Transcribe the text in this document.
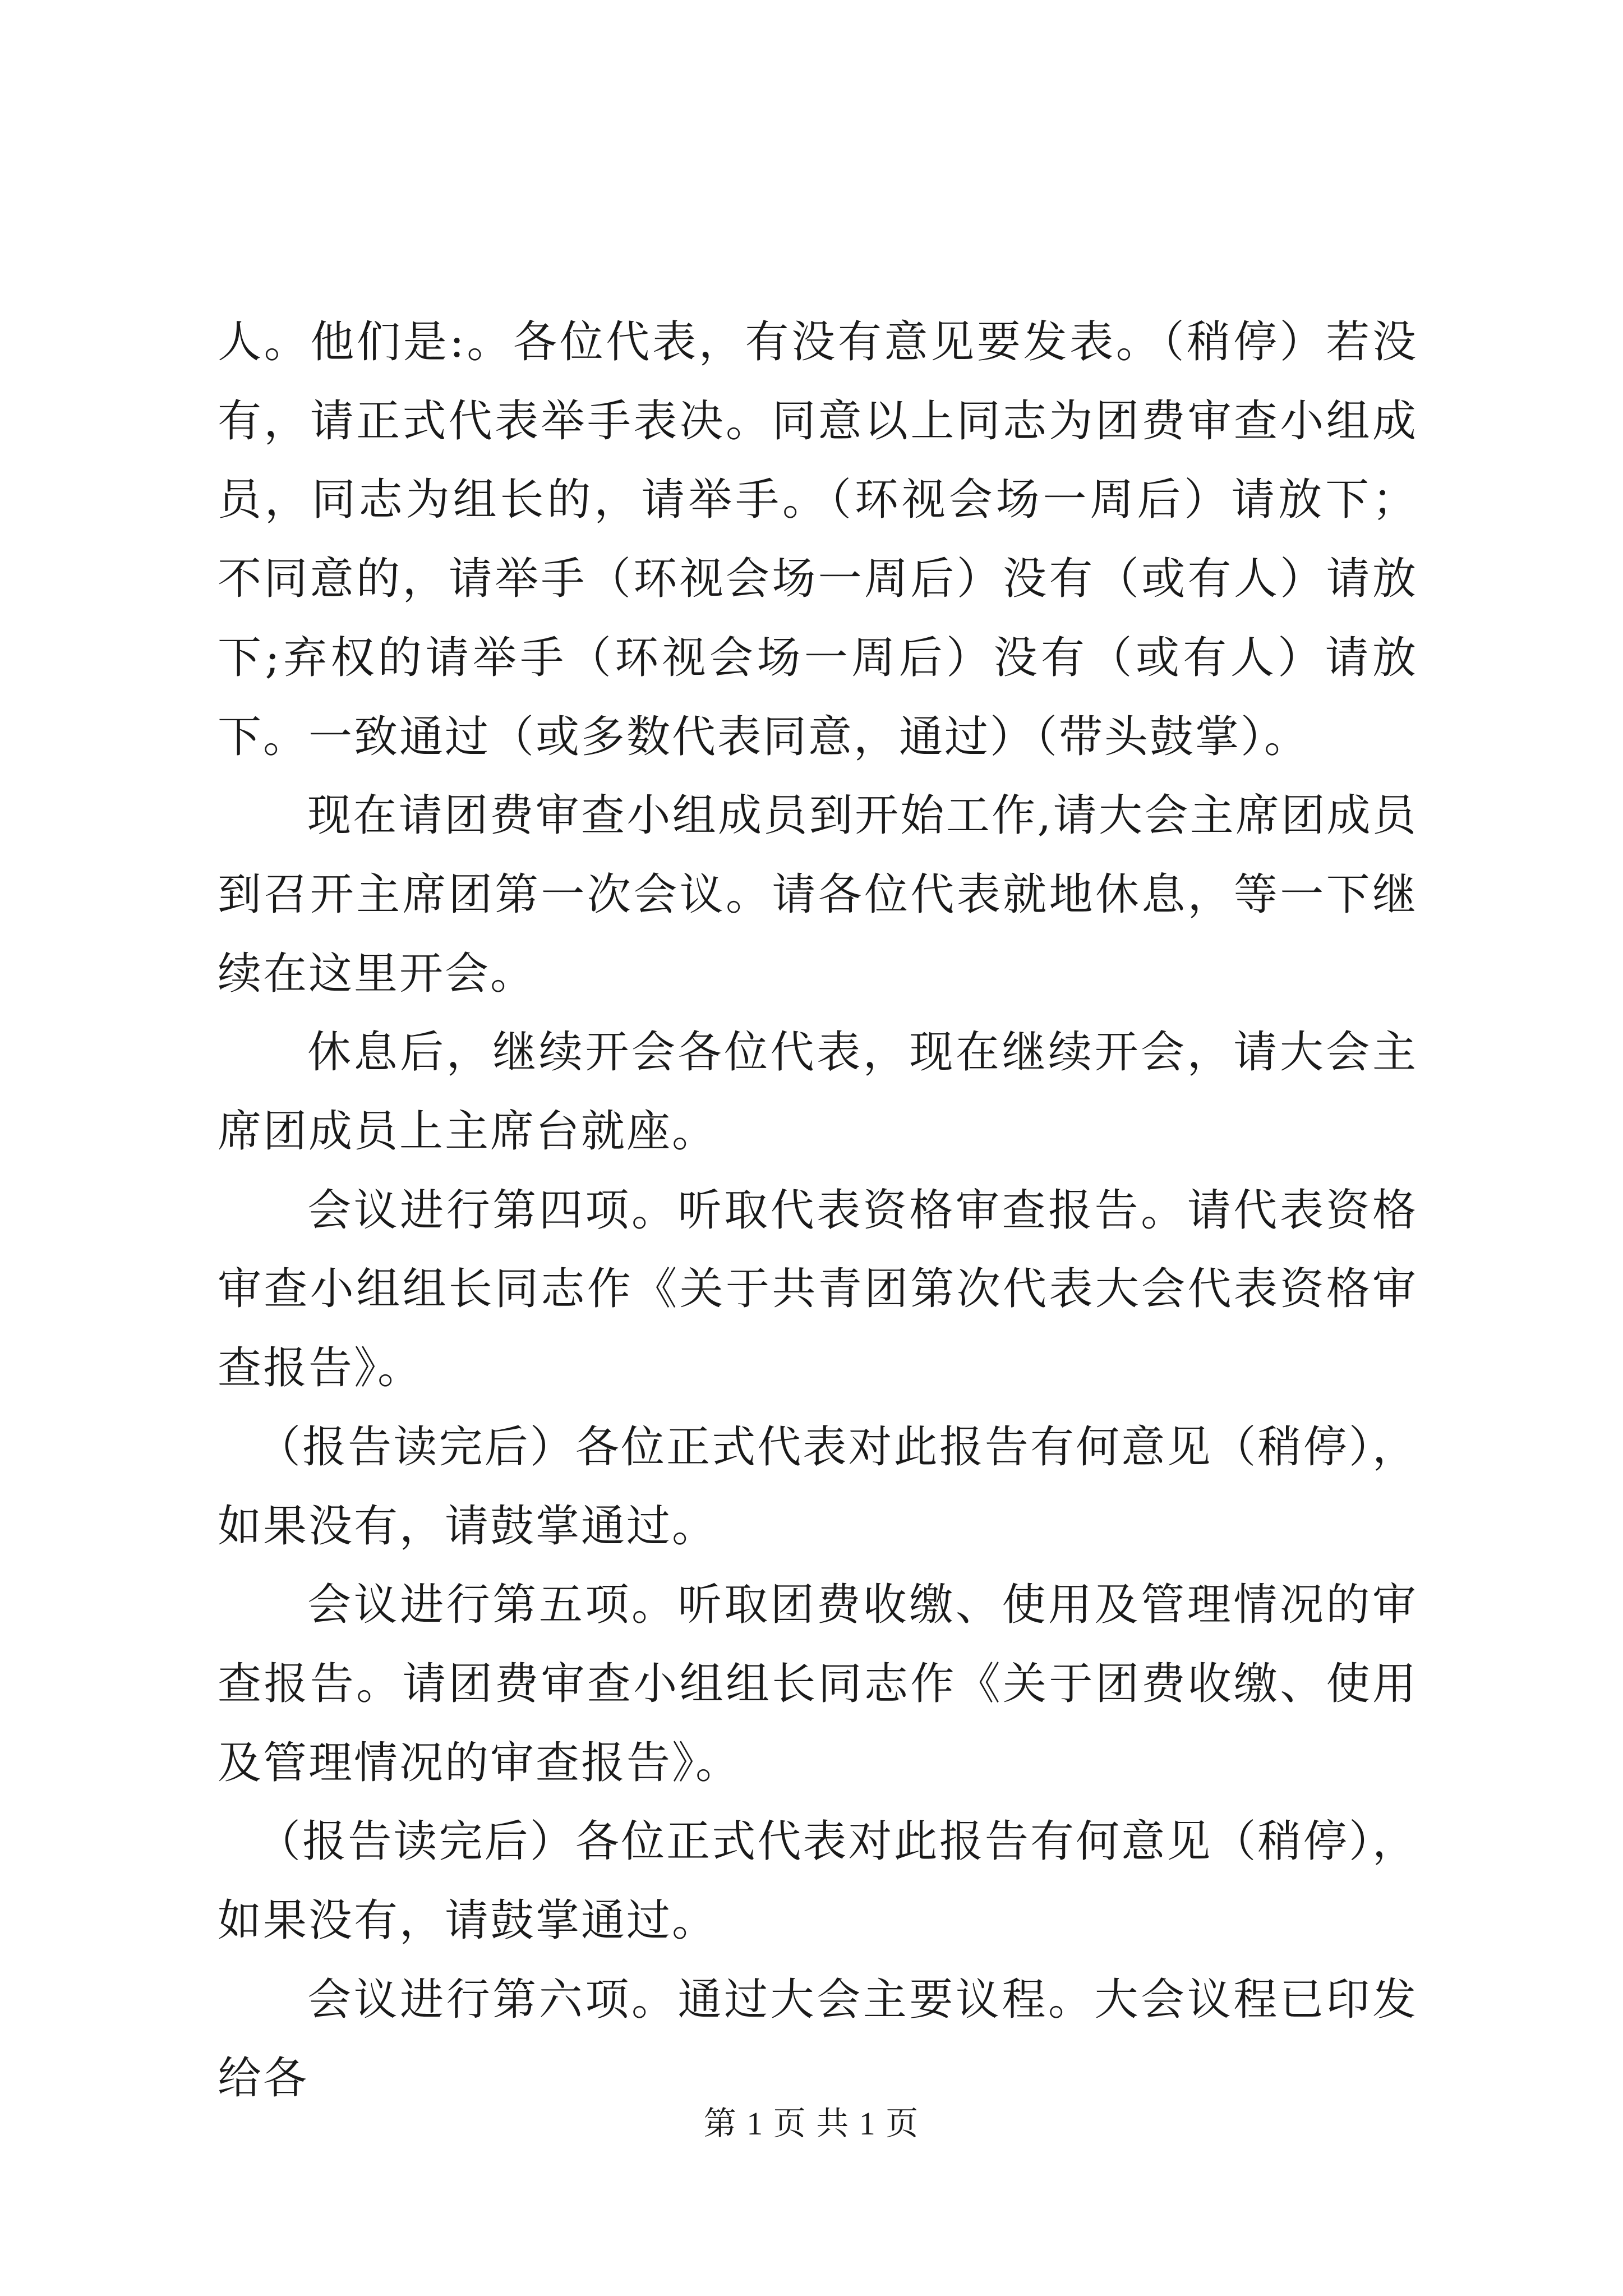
人。他们是:。各位代表，有没有意见要发表。（稍停）若没有，请正式代表举手表决。同意以上同志为团费审查小组成员，同志为组长的，请举手。（环视会场一周后）请放下；不同意的，请举手（环视会场一周后）没有（或有人）请放下;弃权的请举手（环视会场一周后）没有（或有人）请放下。一致通过（或多数代表同意，通过）（带头鼓掌）。

现在请团费审查小组成员到开始工作,请大会主席团成员到召开主席团第一次会议。请各位代表就地休息，等一下继续在这里开会。

休息后，继续开会各位代表，现在继续开会，请大会主席团成员上主席台就座。

会议进行第四项。听取代表资格审查报告。请代表资格审查小组组长同志作《关于共青团第次代表大会代表资格审查报告》。

（报告读完后）各位正式代表对此报告有何意见（稍停），如果没有，请鼓掌通过。

会议进行第五项。听取团费收缴、使用及管理情况的审查报告。请团费审查小组组长同志作《关于团费收缴、使用及管理情况的审查报告》。

（报告读完后）各位正式代表对此报告有何意见（稍停），如果没有，请鼓掌通过。

会议进行第六项。通过大会主要议程。大会议程已印发给各

第 1 页 共 1 页
